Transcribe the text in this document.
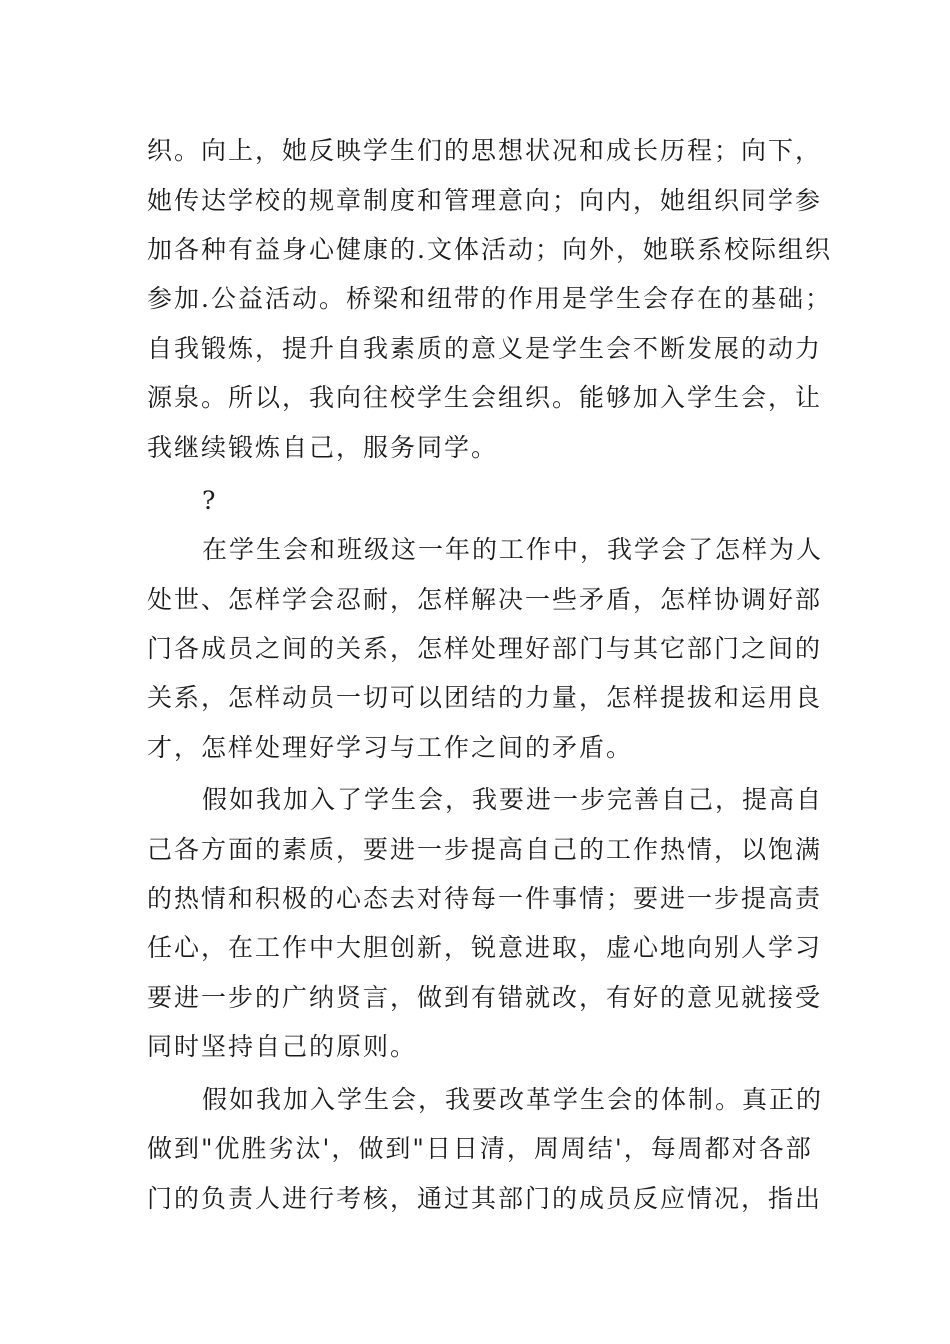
织。向上，她反映学生们的思想状况和成长历程；向下，
她传达学校的规章制度和管理意向；向内，她组织同学参
加各种有益身心健康的.文体活动；向外，她联系校际组织
参加.公益活动。桥梁和纽带的作用是学生会存在的基础；
自我锻炼，提升自我素质的意义是学生会不断发展的动力
源泉。所以，我向往校学生会组织。能够加入学生会，让
我继续锻炼自己，服务同学。
?
在学生会和班级这一年的工作中，我学会了怎样为人
处世、怎样学会忍耐，怎样解决一些矛盾，怎样协调好部
门各成员之间的关系，怎样处理好部门与其它部门之间的
关系，怎样动员一切可以团结的力量，怎样提拔和运用良
才，怎样处理好学习与工作之间的矛盾。
假如我加入了学生会，我要进一步完善自己，提高自
己各方面的素质，要进一步提高自己的工作热情，以饱满
的热情和积极的心态去对待每一件事情；要进一步提高责
任心，在工作中大胆创新，锐意进取，虚心地向别人学习
要进一步的广纳贤言，做到有错就改，有好的意见就接受
同时坚持自己的原则。
假如我加入学生会，我要改革学生会的体制。真正的
做到"优胜劣汰'，做到"日日清，周周结'，每周都对各部
门的负责人进行考核，通过其部门的成员反应情况，指出
